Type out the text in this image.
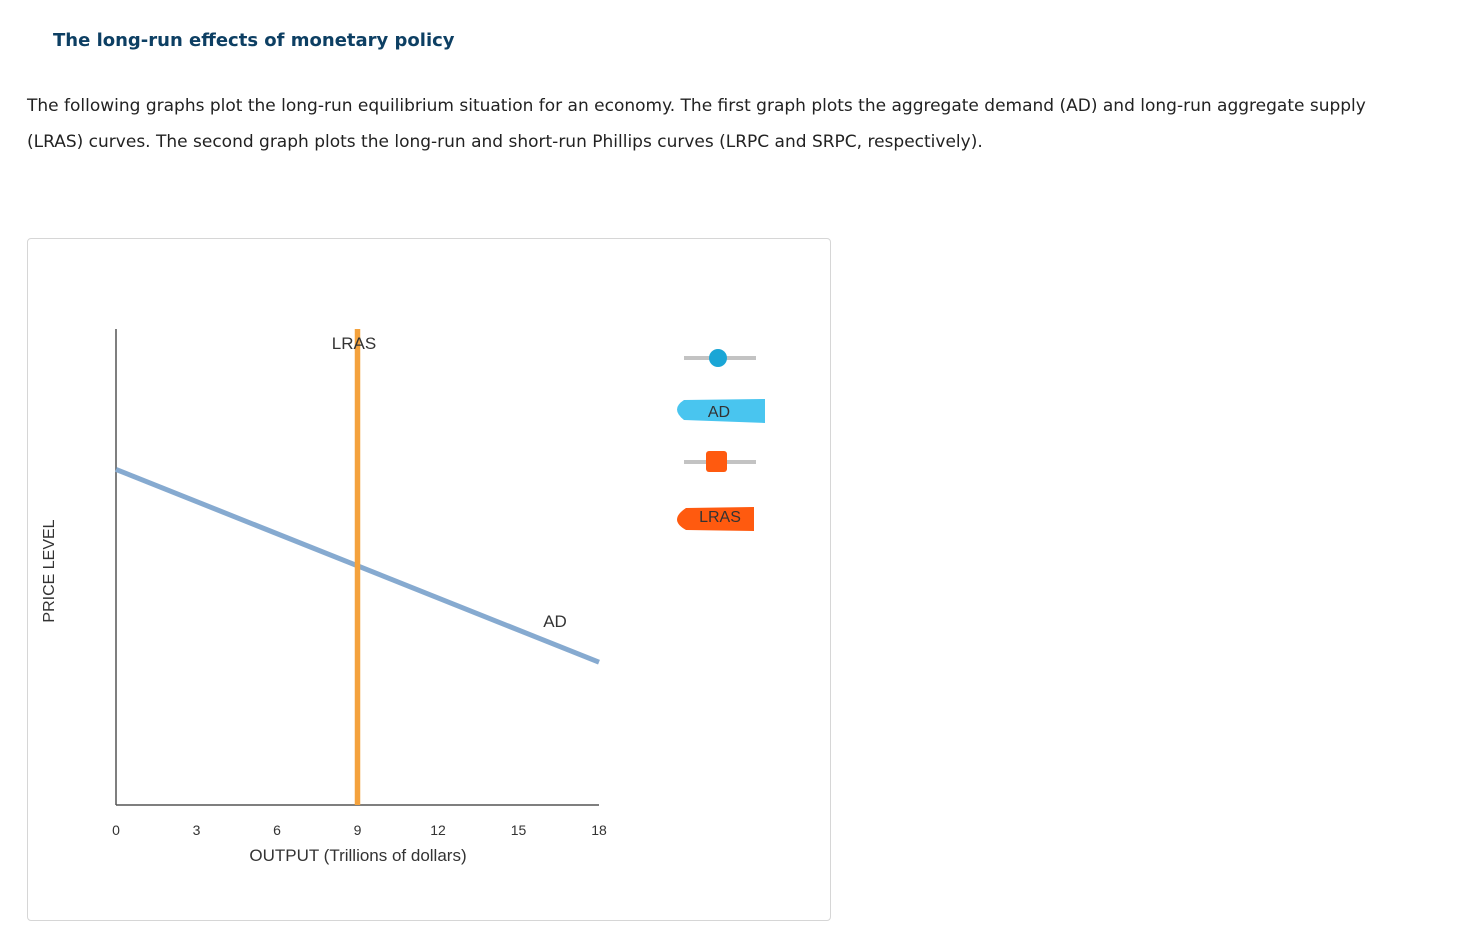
The long-run effects of monetary policy
The following graphs plot the long-run equilibrium situation for an economy. The first graph plots the aggregate demand (AD) and long-run aggregate supply (LRAS) curves. The second graph plots the long-run and short-run Phillips curves (LRPC and SRPC, respectively).
0	3	6	9	12	15	18
OUTPUT (Trillions of dollars)
PRICE LEVEL
LRAS
AD
AD
LRAS
